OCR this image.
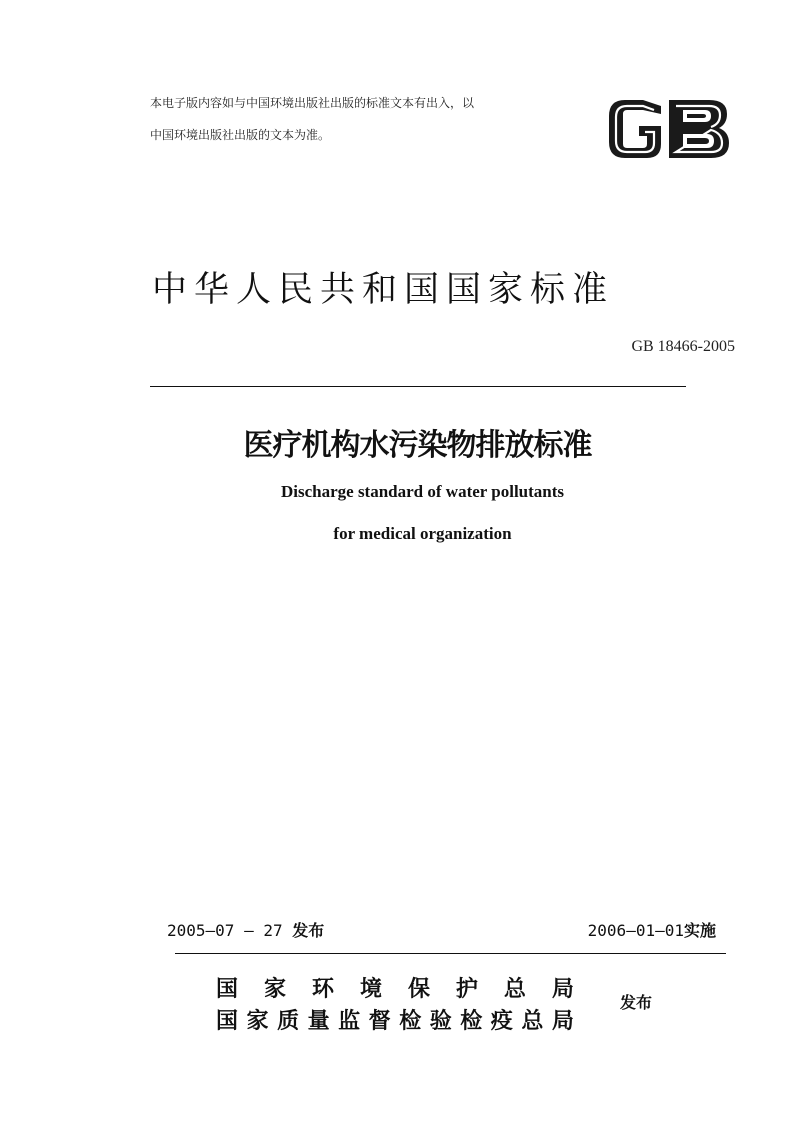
本电子版内容如与中国环境出版社出版的标准文本有出入，以
中国环境出版社出版的文本为准。
中华人民共和国国家标准
GB 18466-2005
医疗机构水污染物排放标准
Discharge standard of water pollutants
for medical organization
2005—07 — 27 发布	2006—01—01实施
国 家 环 境 保 护 总 局
国 家 质 量 监 督 检 验 检 疫 总 局
发布
